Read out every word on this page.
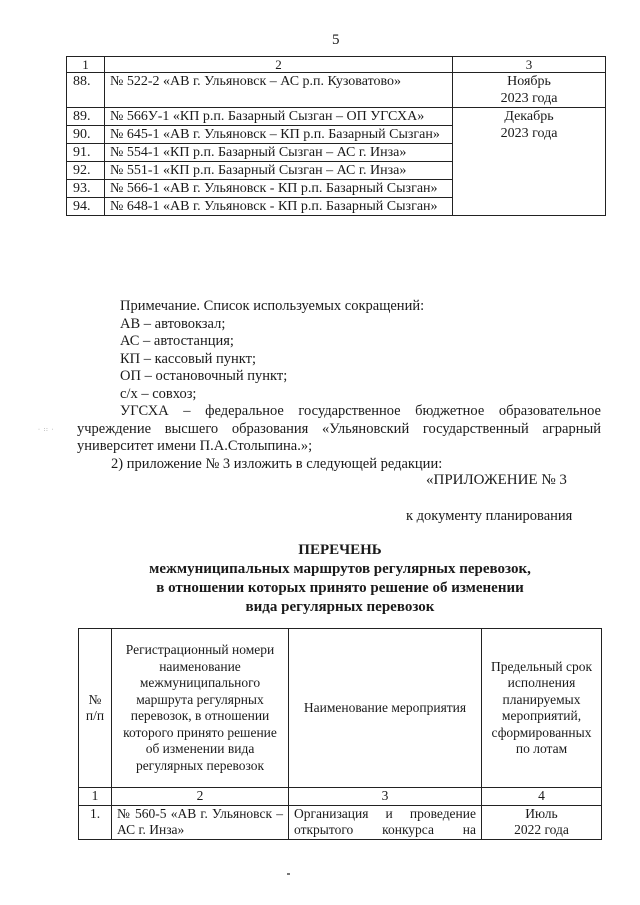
5
1	2	3
88.	№ 522-2 «АВ г. Ульяновск – АС р.п. Кузоватово»	Ноябрь
2023 года
89.	№ 566У-1 «КП р.п. Базарный Сызган – ОП УГСХА»	Декабрь
2023 года
90.	№ 645-1 «АВ г. Ульяновск – КП р.п. Базарный Сызган»	
91.	№ 554-1 «КП р.п. Базарный Сызган – АС г. Инза»	
92.	№ 551-1 «КП р.п. Базарный Сызган – АС г. Инза»	
93.	№ 566-1 «АВ г. Ульяновск - КП р.п. Базарный Сызган»	
94.	№ 648-1 «АВ г. Ульяновск - КП р.п. Базарный Сызган»	

Примечание. Список используемых сокращений:

АВ – автовокзал;

АС – автостанция;

КП – кассовый пункт;

ОП – остановочный пункт;

с/х – совхоз;

УГСХА – федеральное государственное бюджетное образовательное учреждение высшего образования «Ульяновский государственный аграрный университет имени П.А.Столыпина.»;

2) приложение № 3 изложить в следующей редакции:

· :: ·
«ПРИЛОЖЕНИЕ № 3
к документу планирования

ПЕРЕЧЕНЬ

межмуниципальных маршрутов регулярных перевозок,

в отношении которых принято решение об изменении

вида регулярных перевозок

№ п/п	Регистрационный номери наименование межмуниципального маршрута регулярных перевозок, в отношении которого принято решение об изменении вида регулярных перевозок	Наименование мероприятия	Предельный срок исполнения планируемых мероприятий, сформированных по лотам
1	2	3	4
1.	№ 560-5 «АВ г. Ульяновск – АС г. Инза»	Организация и проведение открытого конкурса на	Июль
2022 года
